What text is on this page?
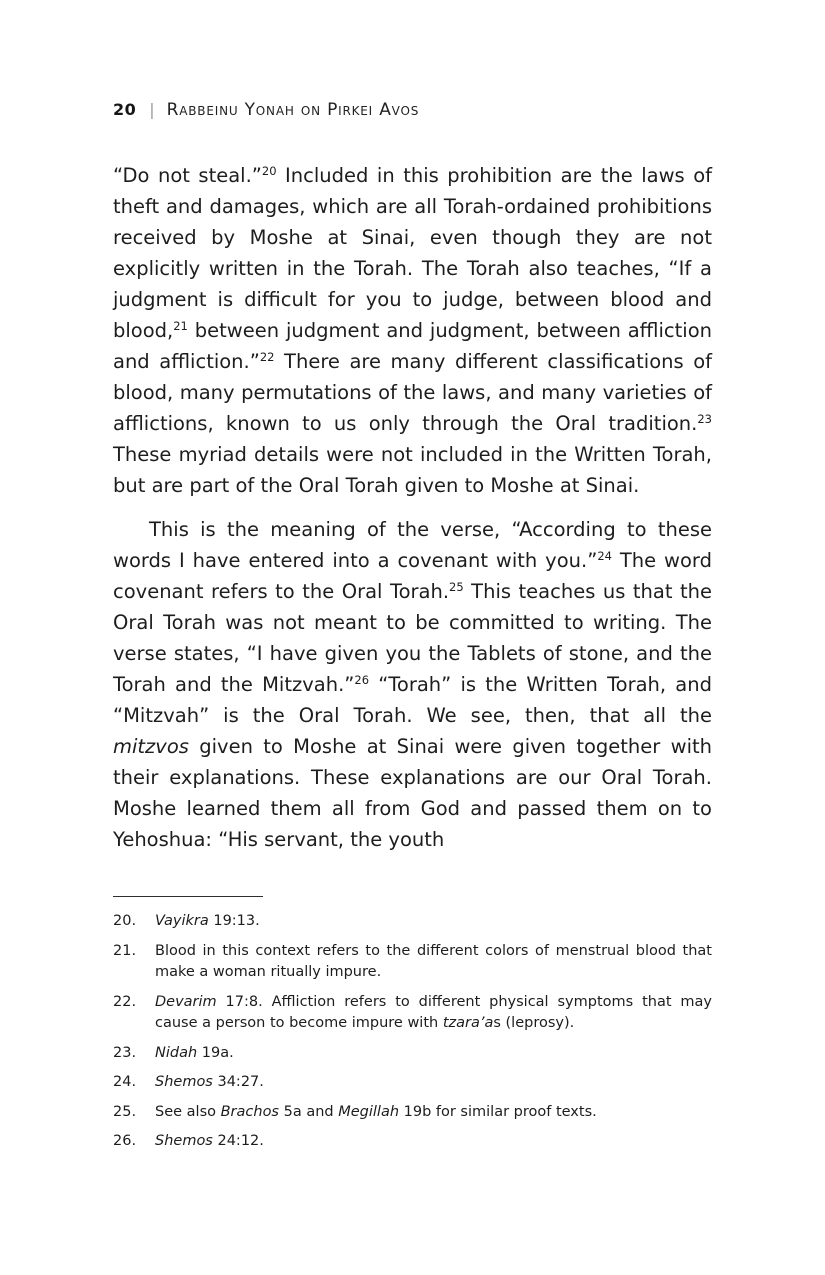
20 | Rabbeinu Yonah on Pirkei Avos

“Do not steal.”$^{20}$ Included in this prohibition are the laws of theft and damages, which are all Torah-ordained prohibitions received by Moshe at Sinai, even though they are not explicitly written in the Torah. The Torah also teaches, “If a judgment is difficult for you to judge, between blood and blood,$^{21}$ between judgment and judgment, between affliction and affliction.”$^{22}$ There are many different classifications of blood, many permutations of the laws, and many varieties of afflictions, known to us only through the Oral tradition.$^{23}$ These myriad details were not included in the Written Torah, but are part of the Oral Torah given to Moshe at Sinai.

This is the meaning of the verse, “According to these words I have entered into a covenant with you.”$^{24}$ The word covenant refers to the Oral Torah.$^{25}$ This teaches us that the Oral Torah was not meant to be committed to writing. The verse states, “I have given you the Tablets of stone, and the Torah and the Mitzvah.”$^{26}$ “Torah” is the Written Torah, and “Mitzvah” is the Oral Torah. We see, then, that all the mitzvos given to Moshe at Sinai were given together with their explanations. These explanations are our Oral Torah. Moshe learned them all from God and passed them on to Yehoshua: “His servant, the youth

20.	Vayikra 19:13.
21.	Blood in this context refers to the different colors of menstrual blood that make a woman ritually impure.
22.	Devarim 17:8. Affliction refers to different physical symptoms that may cause a person to become impure with tzara’as (leprosy).
23.	Nidah 19a.
24.	Shemos 34:27.
25.	See also Brachos 5a and Megillah 19b for similar proof texts.
26.	Shemos 24:12.
